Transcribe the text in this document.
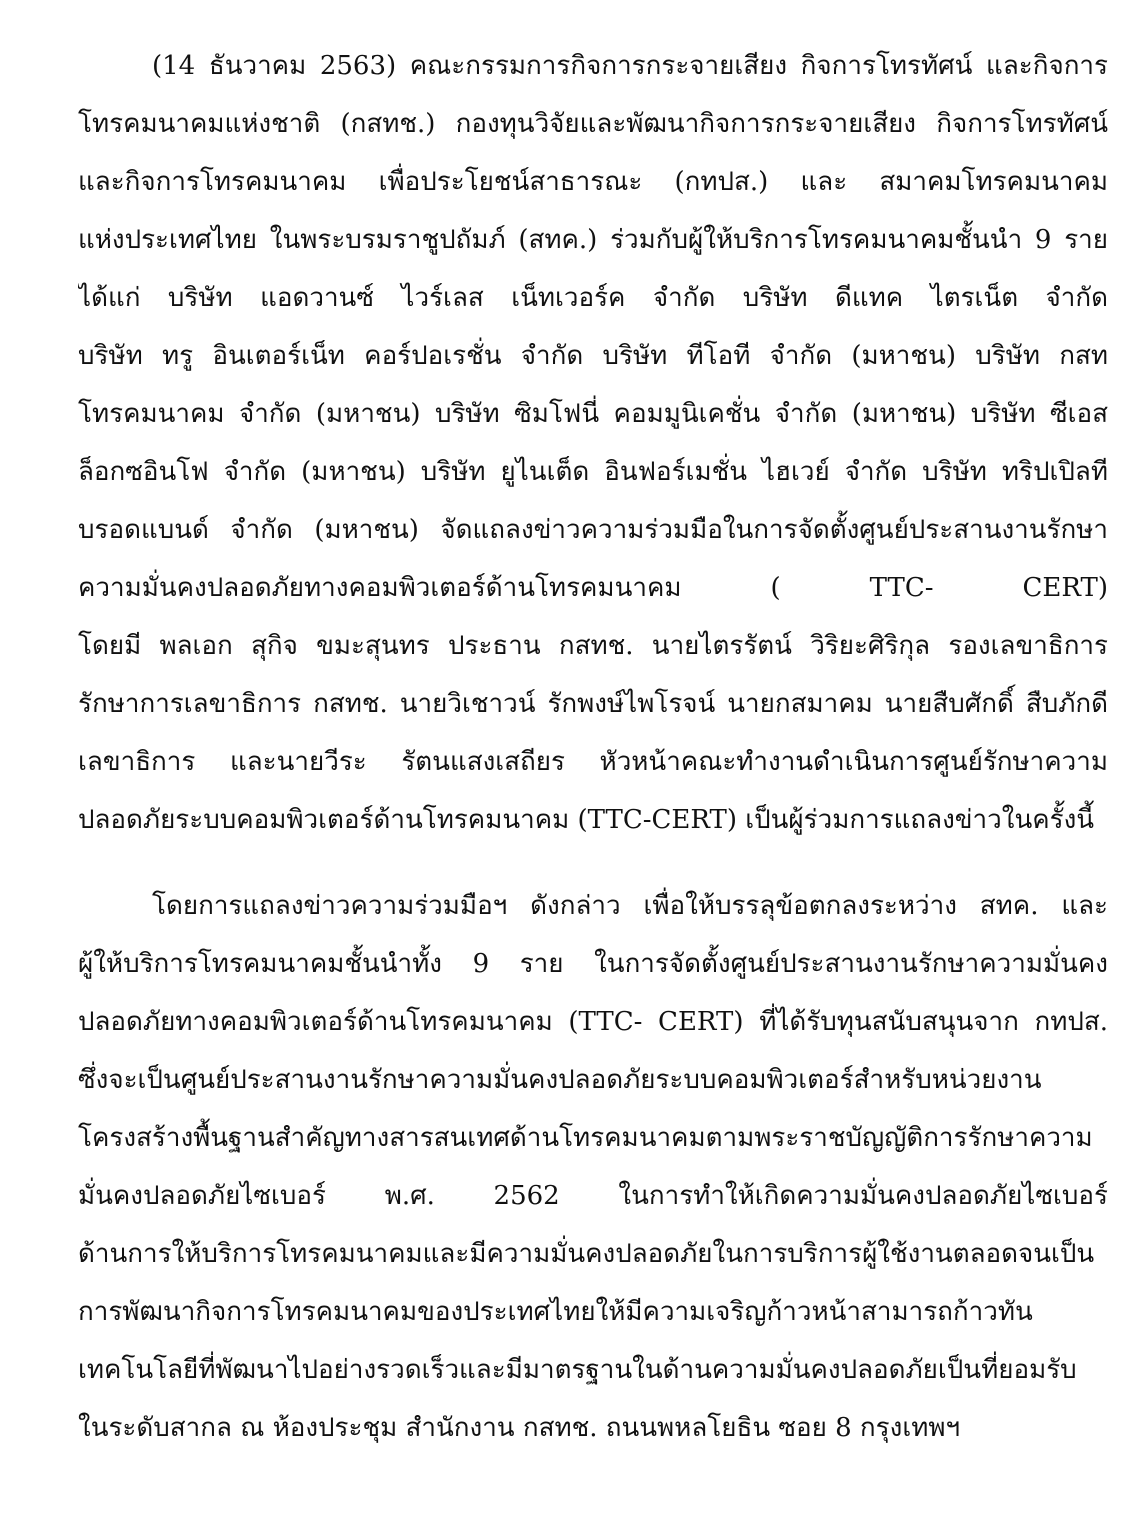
(14 ธันวาคม 2563) คณะกรรมการกิจการกระจายเสียง กิจการโทรทัศน์ และกิจการ
โทรคมนาคมแห่งชาติ (กสทช.) กองทุนวิจัยและพัฒนากิจการกระจายเสียง กิจการโทรทัศน์
และกิจการโทรคมนาคม เพื่อประโยชน์สาธารณะ (กทปส.) และ สมาคมโทรคมนาคม
แห่งประเทศไทย ในพระบรมราชูปถัมภ์ (สทค.) ร่วมกับผู้ให้บริการโทรคมนาคมชั้นนำ 9 ราย
ได้แก่ บริษัท แอดวานซ์ ไวร์เลส เน็ทเวอร์ค จำกัด บริษัท ดีแทค ไตรเน็ต จำกัด
บริษัท ทรู อินเตอร์เน็ท คอร์ปอเรชั่น จำกัด บริษัท ทีโอที จำกัด (มหาชน) บริษัท กสท
โทรคมนาคม จำกัด (มหาชน) บริษัท ซิมโฟนี่ คอมมูนิเคชั่น จำกัด (มหาชน) บริษัท ซีเอส
ล็อกซอินโฟ จำกัด (มหาชน) บริษัท ยูไนเต็ด อินฟอร์เมชั่น ไฮเวย์ จำกัด บริษัท ทริปเปิลที
บรอดแบนด์ จำกัด (มหาชน) จัดแถลงข่าวความร่วมมือในการจัดตั้งศูนย์ประสานงานรักษา
ความมั่นคงปลอดภัยทางคอมพิวเตอร์ด้านโทรคมนาคม ( TTC- CERT)
โดยมี พลเอก สุกิจ ขมะสุนทร ประธาน กสทช. นายไตรรัตน์ วิริยะศิริกุล รองเลขาธิการ
รักษาการเลขาธิการ กสทช. นายวิเชาวน์ รักพงษ์ไพโรจน์ นายกสมาคม นายสืบศักดิ์ สืบภักดี
เลขาธิการ และนายวีระ รัตนแสงเสถียร หัวหน้าคณะทำงานดำเนินการศูนย์รักษาความ
ปลอดภัยระบบคอมพิวเตอร์ด้านโทรคมนาคม (TTC-CERT) เป็นผู้ร่วมการแถลงข่าวในครั้งนี้
โดยการแถลงข่าวความร่วมมือฯ ดังกล่าว เพื่อให้บรรลุข้อตกลงระหว่าง สทค. และ
ผู้ให้บริการโทรคมนาคมชั้นนำทั้ง 9 ราย ในการจัดตั้งศูนย์ประสานงานรักษาความมั่นคง
ปลอดภัยทางคอมพิวเตอร์ด้านโทรคมนาคม (TTC- CERT) ที่ได้รับทุนสนับสนุนจาก กทปส.
ซึ่งจะเป็นศูนย์ประสานงานรักษาความมั่นคงปลอดภัยระบบคอมพิวเตอร์สำหรับหน่วยงาน
โครงสร้างพื้นฐานสำคัญทางสารสนเทศด้านโทรคมนาคมตามพระราชบัญญัติการรักษาความ
มั่นคงปลอดภัยไซเบอร์ พ.ศ. 2562 ในการทำให้เกิดความมั่นคงปลอดภัยไซเบอร์
ด้านการให้บริการโทรคมนาคมและมีความมั่นคงปลอดภัยในการบริการผู้ใช้งานตลอดจนเป็น
การพัฒนากิจการโทรคมนาคมของประเทศไทยให้มีความเจริญก้าวหน้าสามารถก้าวทัน
เทคโนโลยีที่พัฒนาไปอย่างรวดเร็วและมีมาตรฐานในด้านความมั่นคงปลอดภัยเป็นที่ยอมรับ
ในระดับสากล ณ ห้องประชุม สำนักงาน กสทช. ถนนพหลโยธิน ซอย 8 กรุงเทพฯ
